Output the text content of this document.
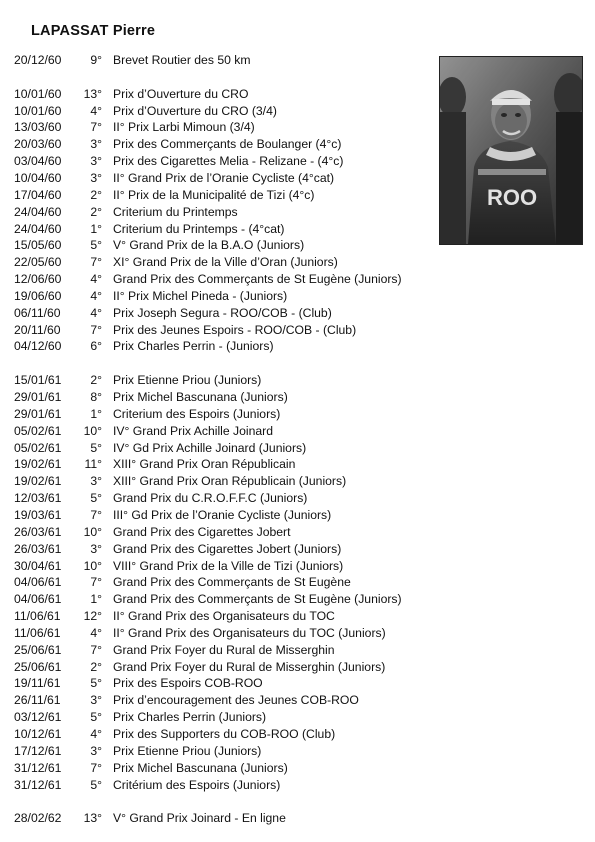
LAPASSAT Pierre
20/12/60	9° Brevet Routier des 50 km
10/01/60	13° Prix d’Ouverture du CRO
10/01/60	4° Prix d’Ouverture du CRO (3/4)
13/03/60	7° II° Prix Larbi Mimoun (3/4)
20/03/60	3° Prix des Commerçants de Boulanger (4°c)
03/04/60	3° Prix des Cigarettes Melia - Relizane - (4°c)
10/04/60	3° II° Grand Prix de l’Oranie Cycliste (4°cat)
17/04/60	2° II° Prix de la Municipalité de Tizi (4°c)
24/04/60	2° Criterium du Printemps
24/04/60	1° Criterium du Printemps - (4°cat)
15/05/60	5° V° Grand Prix de la B.A.O (Juniors)
22/05/60	7° XI° Grand Prix de la Ville d’Oran (Juniors)
12/06/60	4° Grand Prix des Commerçants de St Eugène (Juniors)
19/06/60	4° II° Prix Michel Pineda - (Juniors)
06/11/60	4° Prix Joseph Segura - ROO/COB - (Club)
20/11/60	7° Prix des Jeunes Espoirs - ROO/COB - (Club)
04/12/60	6° Prix Charles Perrin - (Juniors)
15/01/61	2° Prix Etienne Priou (Juniors)
29/01/61	8° Prix Michel Bascunana (Juniors)
29/01/61	1° Criterium des Espoirs (Juniors)
05/02/61	10° IV° Grand Prix Achille Joinard
05/02/61	5° IV° Gd Prix Achille Joinard (Juniors)
19/02/61	11° XIII° Grand Prix Oran Républicain
19/02/61	3° XIII° Grand Prix Oran Républicain (Juniors)
12/03/61	5° Grand Prix du C.R.O.F.F.C (Juniors)
19/03/61	7° III° Gd Prix de l’Oranie Cycliste (Juniors)
26/03/61	10° Grand Prix des Cigarettes Jobert
26/03/61	3° Grand Prix des Cigarettes Jobert (Juniors)
30/04/61	10° VIII° Grand Prix de la Ville de Tizi (Juniors)
04/06/61	7° Grand Prix des Commerçants de St Eugène
04/06/61	1° Grand Prix des Commerçants de St Eugène (Juniors)
11/06/61	12° II° Grand Prix des Organisateurs du TOC
11/06/61	4° II° Grand Prix des Organisateurs du TOC (Juniors)
25/06/61	7° Grand Prix Foyer du Rural de Misserghin
25/06/61	2° Grand Prix Foyer du Rural de Misserghin (Juniors)
19/11/61	5° Prix des Espoirs COB-ROO
26/11/61	3° Prix d’encouragement des Jeunes COB-ROO
03/12/61	5° Prix Charles Perrin (Juniors)
10/12/61	4° Prix des Supporters du COB-ROO (Club)
17/12/61	3° Prix Etienne Priou (Juniors)
31/12/61	7° Prix Michel Bascunana (Juniors)
31/12/61	5° Critérium des Espoirs (Juniors)
28/02/62	13° V° Grand Prix Joinard - En ligne
ROO
